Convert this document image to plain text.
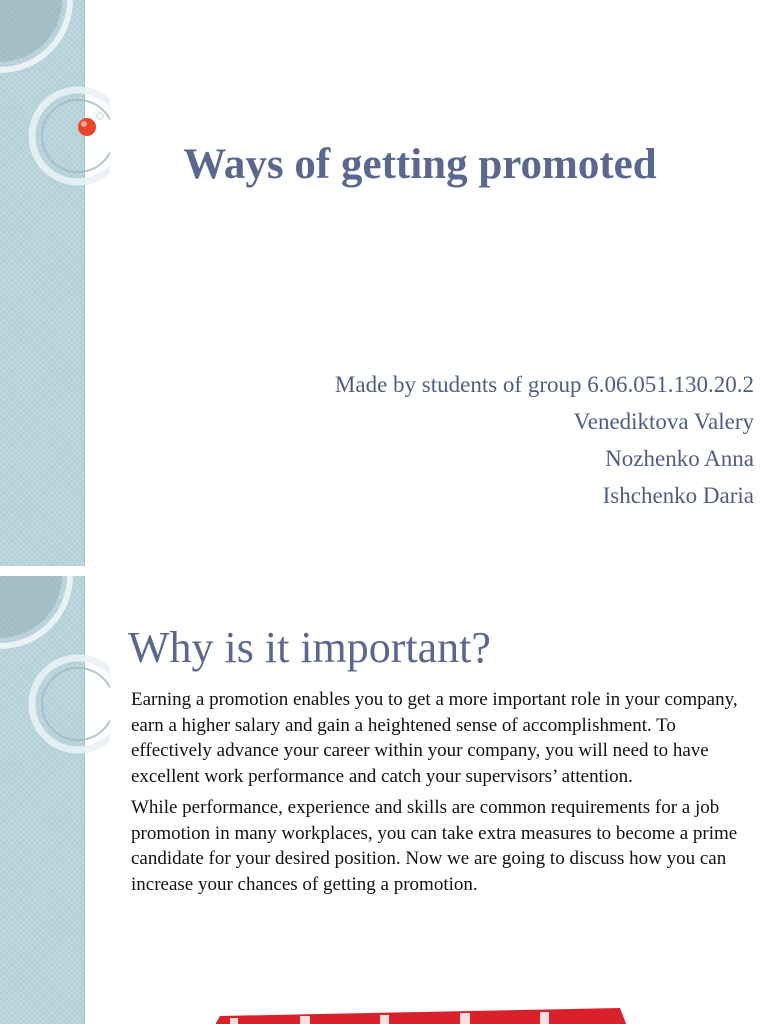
Ways of getting promoted
Made by students of group 6.06.051.130.20.2
Venediktova Valery
Nozhenko Anna
Ishchenko Daria
Why is it important?

Earning a promotion enables you to get a more important role in your company, earn a higher salary and gain a heightened sense of accomplishment. To effectively advance your career within your company, you will need to have excellent work performance and catch your supervisors’ attention.

While performance, experience and skills are common requirements for a job promotion in many workplaces, you can take extra measures to become a prime candidate for your desired position. Now we are going to discuss how you can increase your chances of getting a promotion.
